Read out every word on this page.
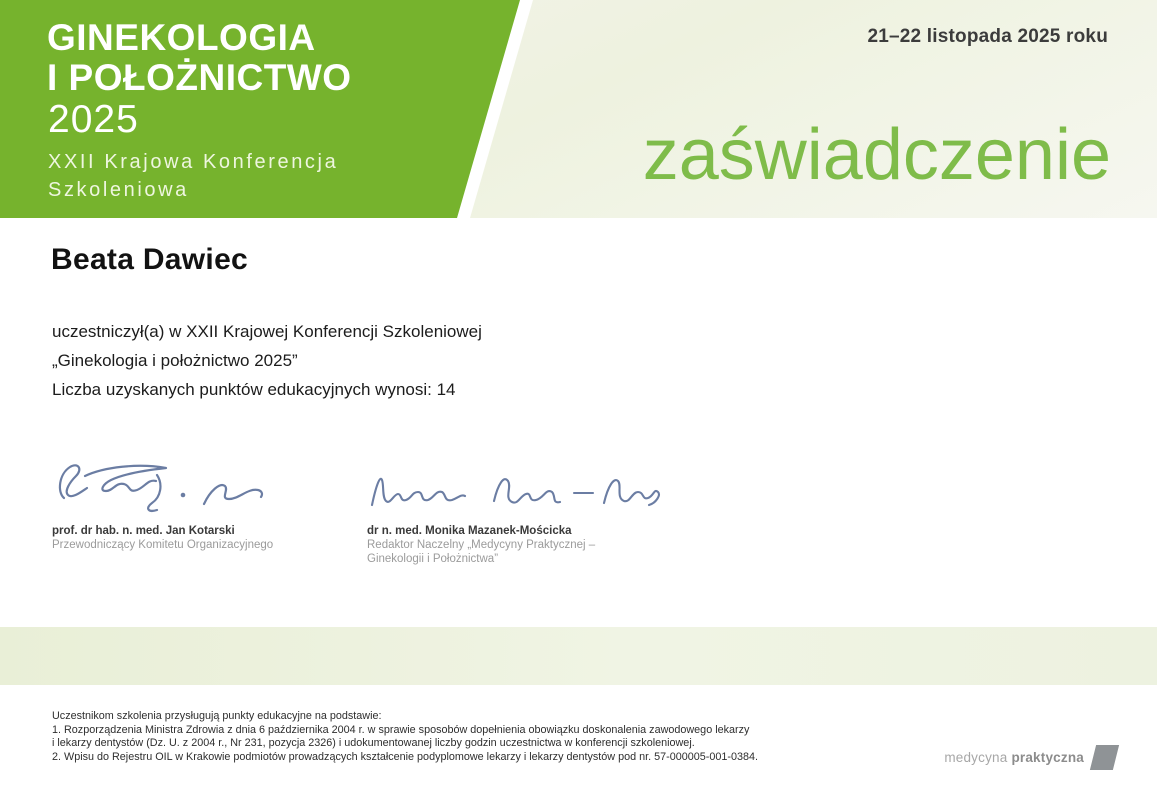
GINEKOLOGIA
I POŁOŻNICTWO
2025
XXII Krajowa Konferencja
Szkoleniowa
21–22 listopada 2025 roku
zaświadczenie
Beata Dawiec
uczestniczył(a) w XXII Krajowej Konferencji Szkoleniowej
„Ginekologia i położnictwo 2025”
Liczba uzyskanych punktów edukacyjnych wynosi: 14
prof. dr hab. n. med. Jan Kotarski
Przewodniczący Komitetu Organizacyjnego
dr n. med. Monika Mazanek-Mościcka
Redaktor Naczelny „Medycyny Praktycznej –
Ginekologii i Położnictwa”
Uczestnikom szkolenia przysługują punkty edukacyjne na podstawie:
1. Rozporządzenia Ministra Zdrowia z dnia 6 października 2004 r. w sprawie sposobów dopełnienia obowiązku doskonalenia zawodowego lekarzy
i lekarzy dentystów (Dz. U. z 2004 r., Nr 231, pozycja 2326) i udokumentowanej liczby godzin uczestnictwa w konferencji szkoleniowej.
2. Wpisu do Rejestru OIL w Krakowie podmiotów prowadzących kształcenie podyplomowe lekarzy i lekarzy dentystów pod nr. 57-000005-001-0384.	medycyna praktyczna
